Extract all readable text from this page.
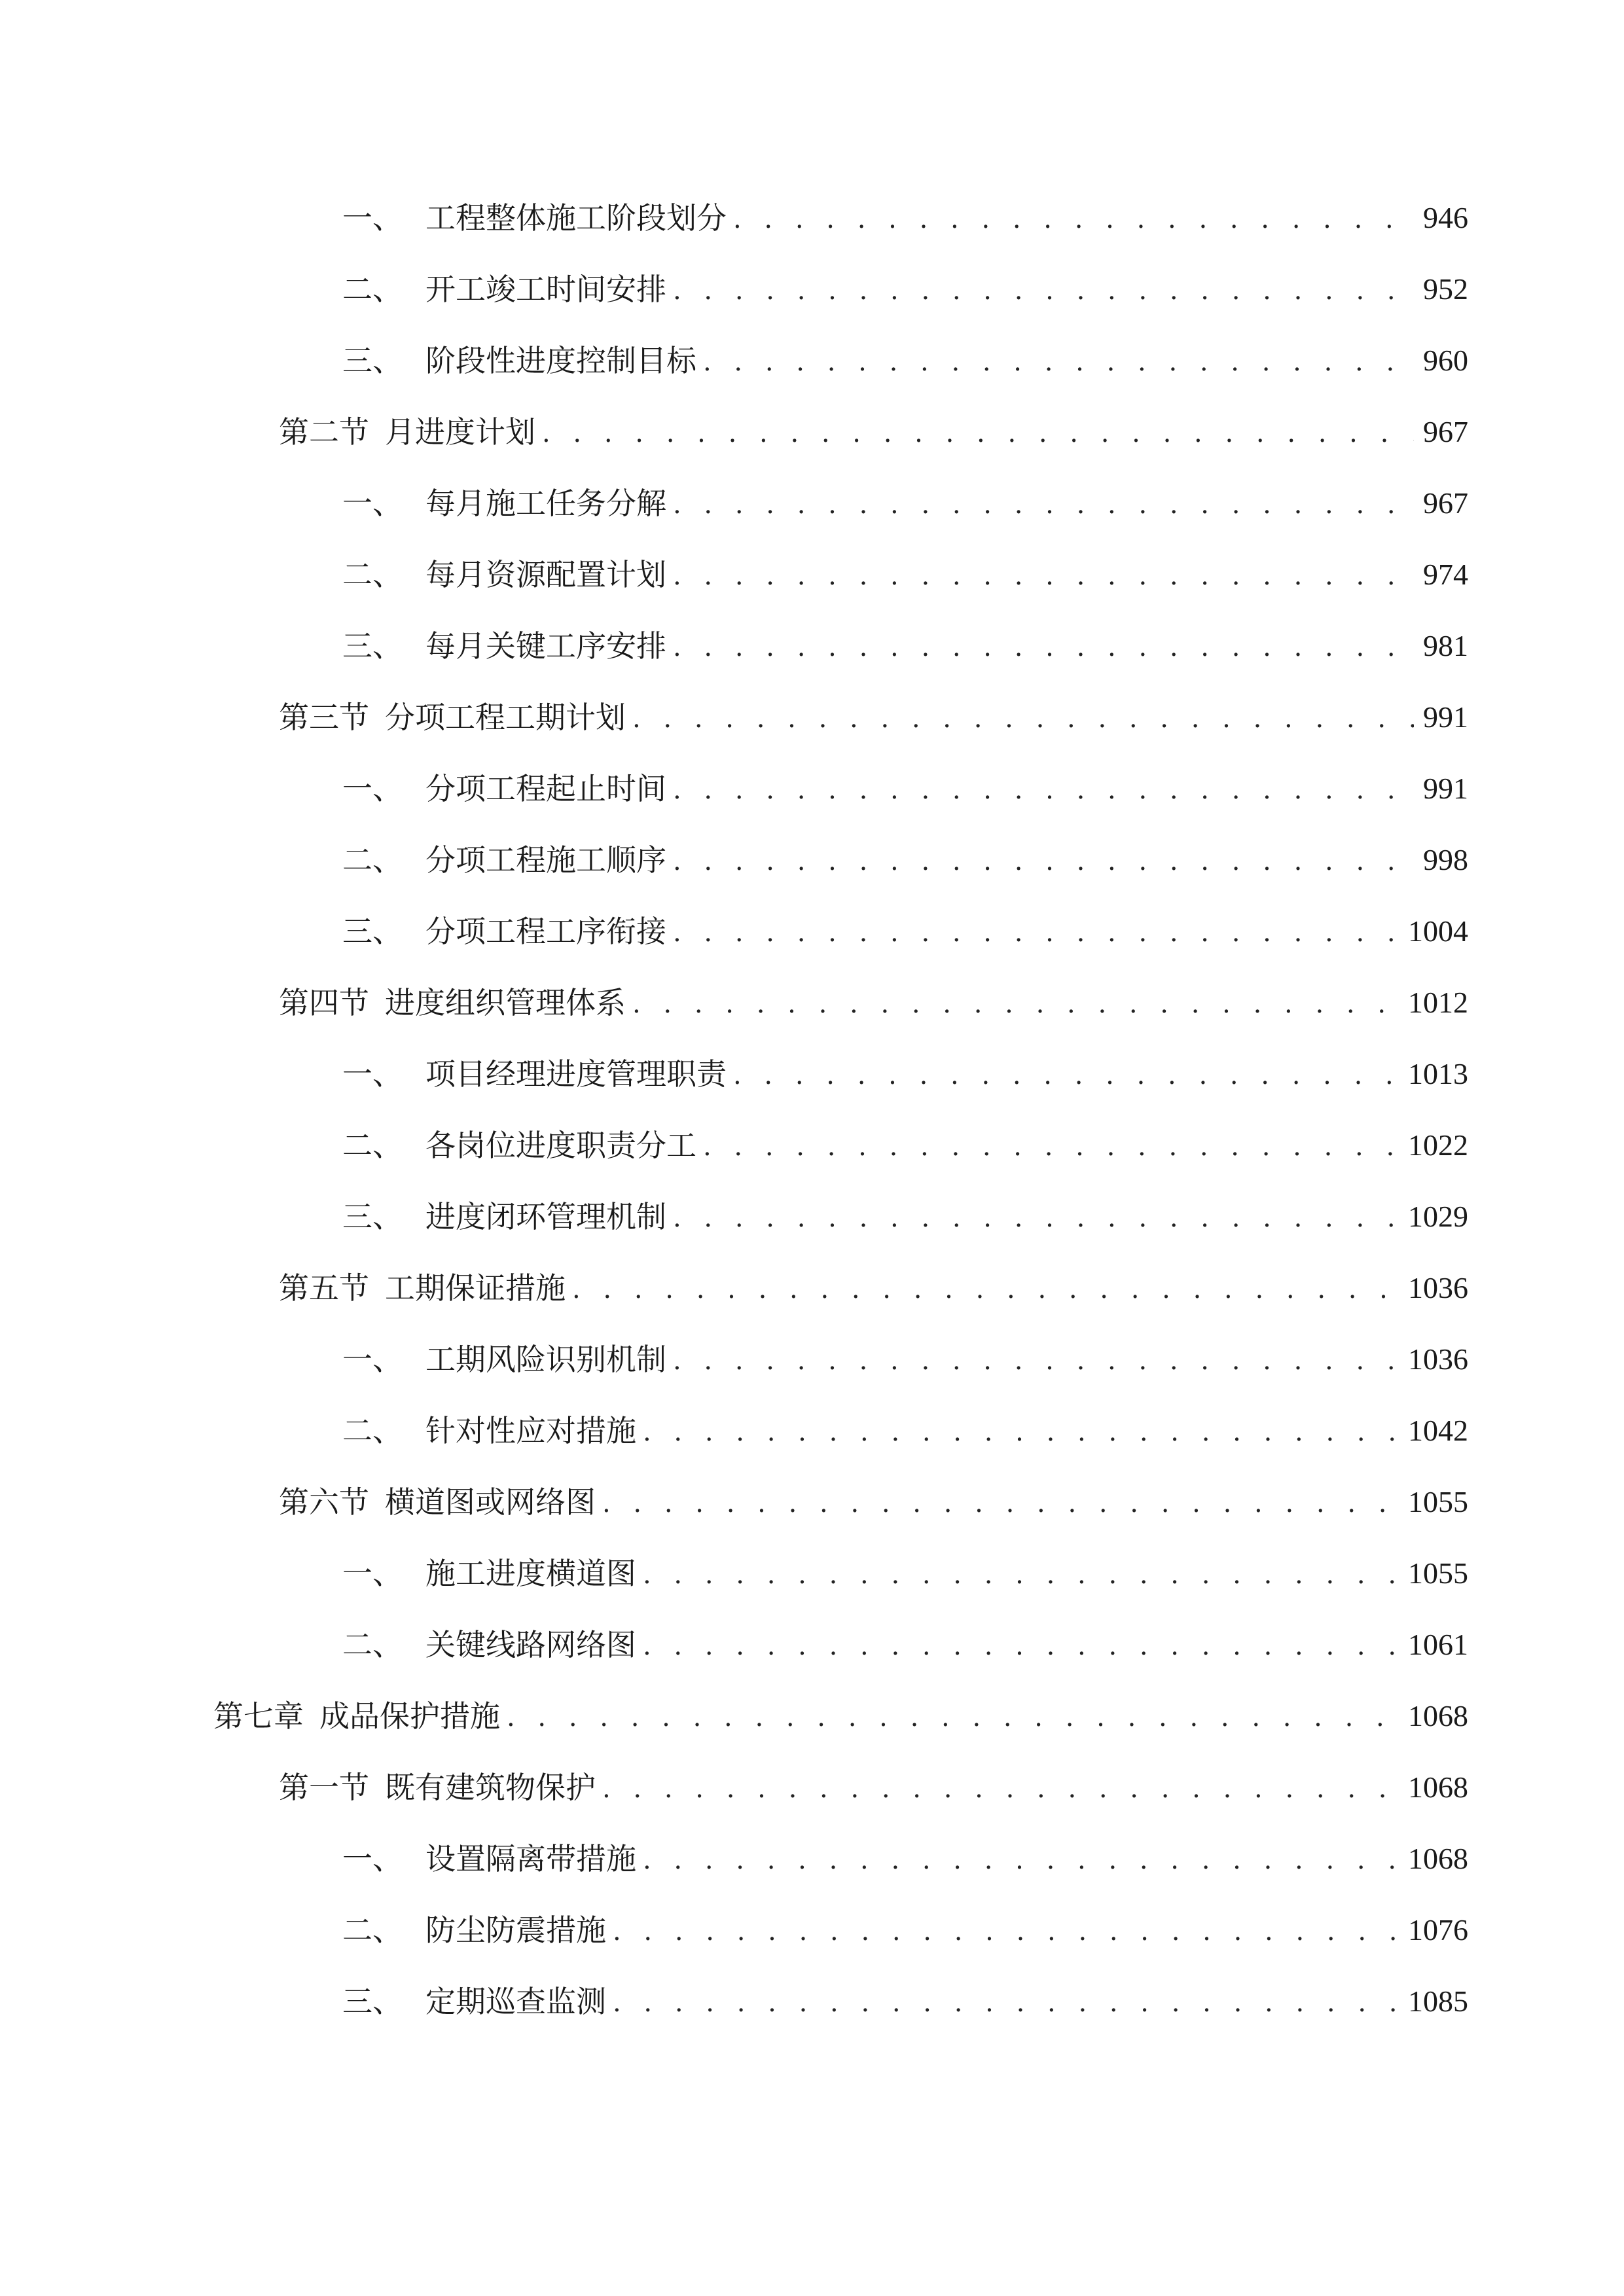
一、 工程整体施工阶段划分 . . .	946
二、 开工竣工时间安排 . . .	952
三、 阶段性进度控制目标 . . .	960
第二节 月进度计划 . . .	967
一、 每月施工任务分解 . . .	967
二、 每月资源配置计划 . . .	974
三、 每月关键工序安排 . . .	981
第三节 分项工程工期计划 . . .	991
一、 分项工程起止时间 . . .	991
二、 分项工程施工顺序 . . .	998
三、 分项工程工序衔接 . . .	1004
第四节 进度组织管理体系 . . .	1012
一、 项目经理进度管理职责 . . .	1013
二、 各岗位进度职责分工 . . .	1022
三、 进度闭环管理机制 . . .	1029
第五节 工期保证措施 . . .	1036
一、 工期风险识别机制 . . .	1036
二、 针对性应对措施 . . .	1042
第六节 横道图或网络图 . . .	1055
一、 施工进度横道图 . . .	1055
二、 关键线路网络图 . . .	1061
第七章 成品保护措施 . . .	1068
第一节 既有建筑物保护 . . .	1068
一、 设置隔离带措施 . . .	1068
二、 防尘防震措施 . . .	1076
三、 定期巡查监测 . . .	1085
